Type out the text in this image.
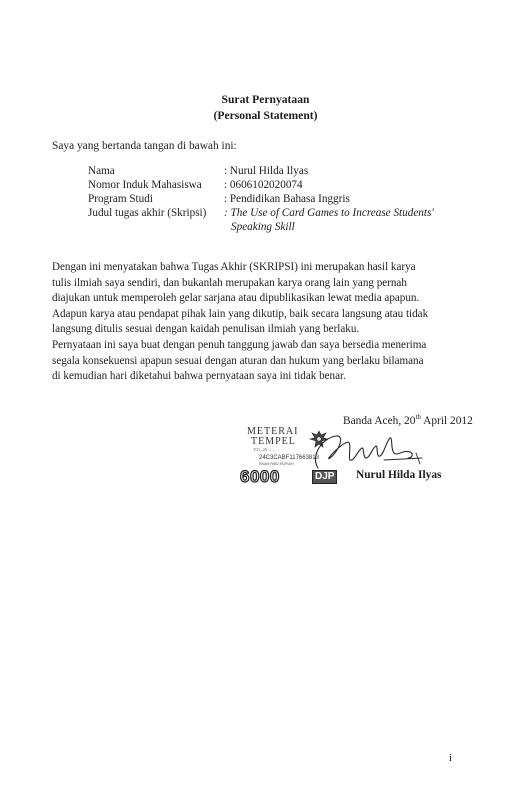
Surat Pernyataan
(Personal Statement)
Saya yang bertanda tangan di bawah ini:
Nama	: Nurul Hilda Ilyas
Nomor Induk Mahasiswa : 0606102020074
Program Studi	: Pendidikan Bahasa Inggris
Judul tugas akhir (Skripsi) : The Use of Card Games to Increase Students'
Speaking Skill
Dengan ini menyatakan bahwa Tugas Akhir (SKRIPSI) ini merupakan hasil karya
tulis ilmiah saya sendiri, dan bukanlah merupakan karya orang lain yang pernah
diajukan untuk memperoleh gelar sarjana atau dipublikasikan lewat media apapun.
Adapun karya atau pendapat pihak lain yang dikutip, baik secara langsung atau tidak
langsung ditulis sesuai dengan kaidah penulisan ilmiah yang berlaku.
Pernyataan ini saya buat dengan penuh tanggung jawab dan saya bersedia menerima
segala konsekuensi apapun sesuai dengan aturan dan hukum yang berlaku bilamana
di kemudian hari diketahui bahwa pernyataan saya ini tidak benar.
Banda Aceh, 20th April 2012
METERAI
TEMPEL
TGL. 20 ........
24C3CABF117663813
ENAM RIBU RUPIAH
6000	DJP Nurul Hilda Ilyas
i
